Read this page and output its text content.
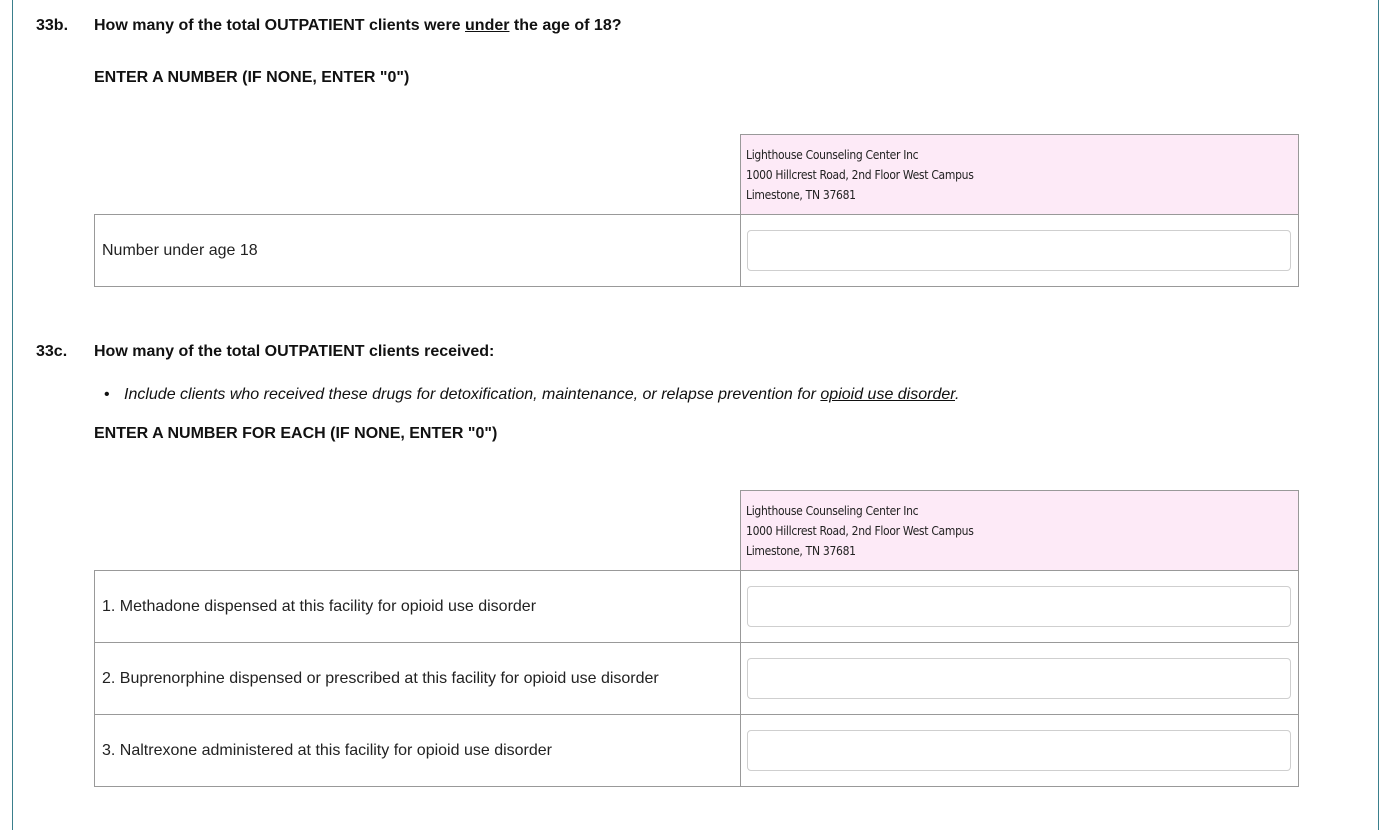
33b. How many of the total OUTPATIENT clients were under the age of 18?
ENTER A NUMBER (IF NONE, ENTER "0")

	Lighthouse Counseling Center Inc
1000 Hillcrest Road, 2nd Floor West Campus
Limestone, TN 37681

Number under age 18	
33c. How many of the total OUTPATIENT clients received:
• Include clients who received these drugs for detoxification, maintenance, or relapse prevention for opioid use disorder.
ENTER A NUMBER FOR EACH (IF NONE, ENTER "0")

	Lighthouse Counseling Center Inc
1000 Hillcrest Road, 2nd Floor West Campus
Limestone, TN 37681

1. Methadone dispensed at this facility for opioid use disorder	
2. Buprenorphine dispensed or prescribed at this facility for opioid use disorder	
3. Naltrexone administered at this facility for opioid use disorder	
